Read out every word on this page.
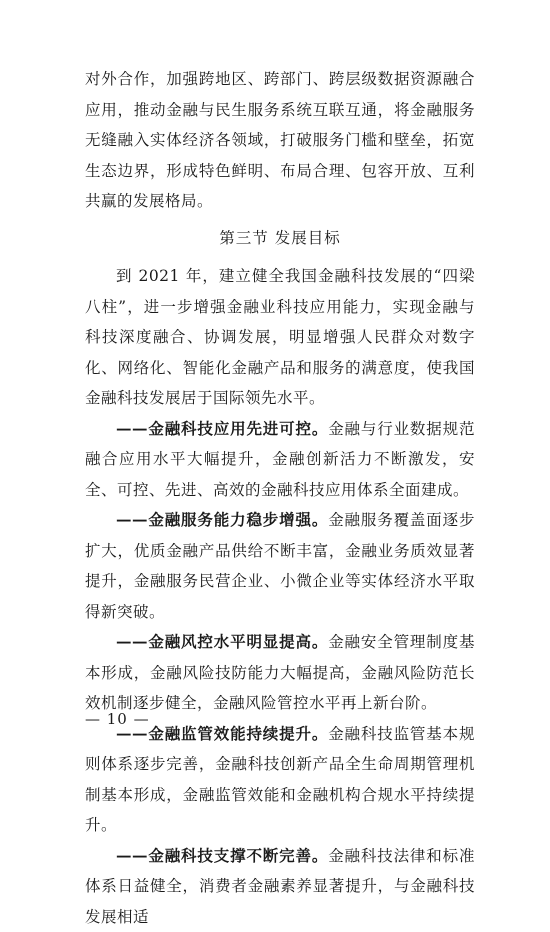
对外合作，加强跨地区、跨部门、跨层级数据资源融合应用，推动金融与民生服务系统互联互通，将金融服务无缝融入实体经济各领域，打破服务门槛和壁垒，拓宽生态边界，形成特色鲜明、布局合理、包容开放、互利共赢的发展格局。

第三节 发展目标

到 2021 年，建立健全我国金融科技发展的“四梁八柱”，进一步增强金融业科技应用能力，实现金融与科技深度融合、协调发展，明显增强人民群众对数字化、网络化、智能化金融产品和服务的满意度，使我国金融科技发展居于国际领先水平。

——金融科技应用先进可控。金融与行业数据规范融合应用水平大幅提升，金融创新活力不断激发，安全、可控、先进、高效的金融科技应用体系全面建成。

——金融服务能力稳步增强。金融服务覆盖面逐步扩大，优质金融产品供给不断丰富，金融业务质效显著提升，金融服务民营企业、小微企业等实体经济水平取得新突破。

——金融风控水平明显提高。金融安全管理制度基本形成，金融风险技防能力大幅提高，金融风险防范长效机制逐步健全，金融风险管控水平再上新台阶。

——金融监管效能持续提升。金融科技监管基本规则体系逐步完善，金融科技创新产品全生命周期管理机制基本形成，金融监管效能和金融机构合规水平持续提升。

——金融科技支撑不断完善。金融科技法律和标准体系日益健全，消费者金融素养显著提升，与金融科技发展相适

— 10 —
